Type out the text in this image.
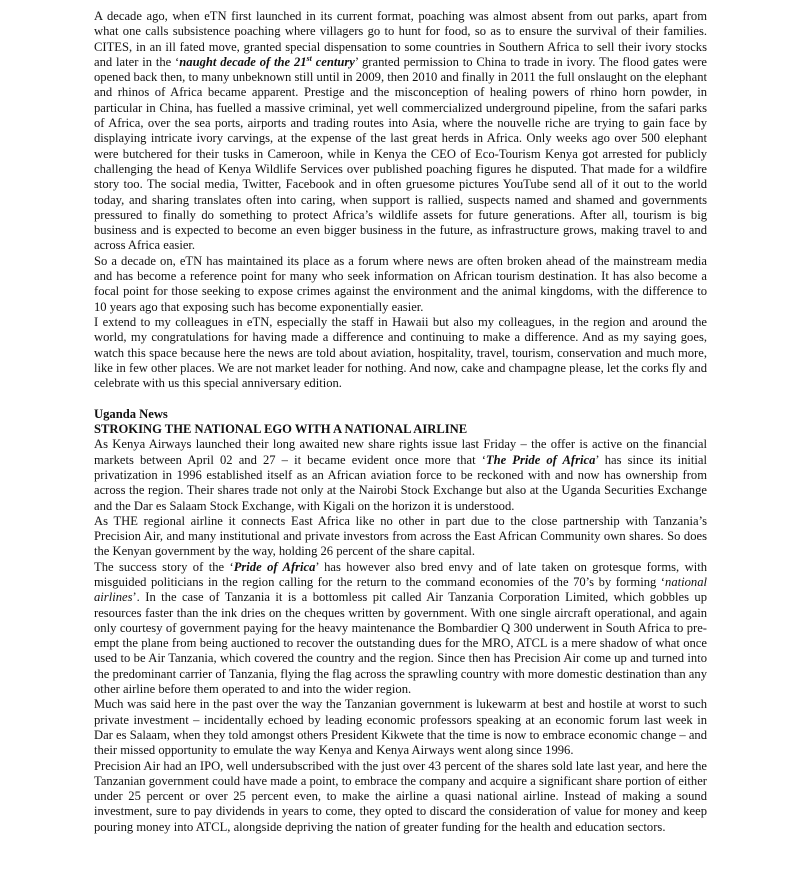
A decade ago, when eTN first launched in its current format, poaching was almost absent from out parks, apart from what one calls subsistence poaching where villagers go to hunt for food, so as to ensure the survival of their families. CITES, in an ill fated move, granted special dispensation to some countries in Southern Africa to sell their ivory stocks and later in the ‘naught decade of the 21st century’ granted permission to China to trade in ivory. The flood gates were opened back then, to many unbeknown still until in 2009, then 2010 and finally in 2011 the full onslaught on the elephant and rhinos of Africa became apparent. Prestige and the misconception of healing powers of rhino horn powder, in particular in China, has fuelled a massive criminal, yet well commercialized underground pipeline, from the safari parks of Africa, over the sea ports, airports and trading routes into Asia, where the nouvelle riche are trying to gain face by displaying intricate ivory carvings, at the expense of the last great herds in Africa. Only weeks ago over 500 elephant were butchered for their tusks in Cameroon, while in Kenya the CEO of Eco-Tourism Kenya got arrested for publicly challenging the head of Kenya Wildlife Services over published poaching figures he disputed. That made for a wildfire story too. The social media, Twitter, Facebook and in often gruesome pictures YouTube send all of it out to the world today, and sharing translates often into caring, when support is rallied, suspects named and shamed and governments pressured to finally do something to protect Africa’s wildlife assets for future generations. After all, tourism is big business and is expected to become an even bigger business in the future, as infrastructure grows, making travel to and across Africa easier.

So a decade on, eTN has maintained its place as a forum where news are often broken ahead of the mainstream media and has become a reference point for many who seek information on African tourism destination. It has also become a focal point for those seeking to expose crimes against the environment and the animal kingdoms, with the difference to 10 years ago that exposing such has become exponentially easier.

I extend to my colleagues in eTN, especially the staff in Hawaii but also my colleagues, in the region and around the world, my congratulations for having made a difference and continuing to make a difference. And as my saying goes, watch this space because here the news are told about aviation, hospitality, travel, tourism, conservation and much more, like in few other places. We are not market leader for nothing. And now, cake and champagne please, let the corks fly and celebrate with us this special anniversary edition.

Uganda News

STROKING THE NATIONAL EGO WITH A NATIONAL AIRLINE

As Kenya Airways launched their long awaited new share rights issue last Friday – the offer is active on the financial markets between April 02 and 27 – it became evident once more that ‘The Pride of Africa’ has since its initial privatization in 1996 established itself as an African aviation force to be reckoned with and now has ownership from across the region. Their shares trade not only at the Nairobi Stock Exchange but also at the Uganda Securities Exchange and the Dar es Salaam Stock Exchange, with Kigali on the horizon it is understood.

As THE regional airline it connects East Africa like no other in part due to the close partnership with Tanzania’s Precision Air, and many institutional and private investors from across the East African Community own shares. So does the Kenyan government by the way, holding 26 percent of the share capital.

The success story of the ‘Pride of Africa’ has however also bred envy and of late taken on grotesque forms, with misguided politicians in the region calling for the return to the command economies of the 70’s by forming ‘national airlines’. In the case of Tanzania it is a bottomless pit called Air Tanzania Corporation Limited, which gobbles up resources faster than the ink dries on the cheques written by government. With one single aircraft operational, and again only courtesy of government paying for the heavy maintenance the Bombardier Q 300 underwent in South Africa to pre-empt the plane from being auctioned to recover the outstanding dues for the MRO, ATCL is a mere shadow of what once used to be Air Tanzania, which covered the country and the region. Since then has Precision Air come up and turned into the predominant carrier of Tanzania, flying the flag across the sprawling country with more domestic destination than any other airline before them operated to and into the wider region.

Much was said here in the past over the way the Tanzanian government is lukewarm at best and hostile at worst to such private investment – incidentally echoed by leading economic professors speaking at an economic forum last week in Dar es Salaam, when they told amongst others President Kikwete that the time is now to embrace economic change – and their missed opportunity to emulate the way Kenya and Kenya Airways went along since 1996.

Precision Air had an IPO, well undersubscribed with the just over 43 percent of the shares sold late last year, and here the Tanzanian government could have made a point, to embrace the company and acquire a significant share portion of either under 25 percent or over 25 percent even, to make the airline a quasi national airline. Instead of making a sound investment, sure to pay dividends in years to come, they opted to discard the consideration of value for money and keep pouring money into ATCL, alongside depriving the nation of greater funding for the health and education sectors.
